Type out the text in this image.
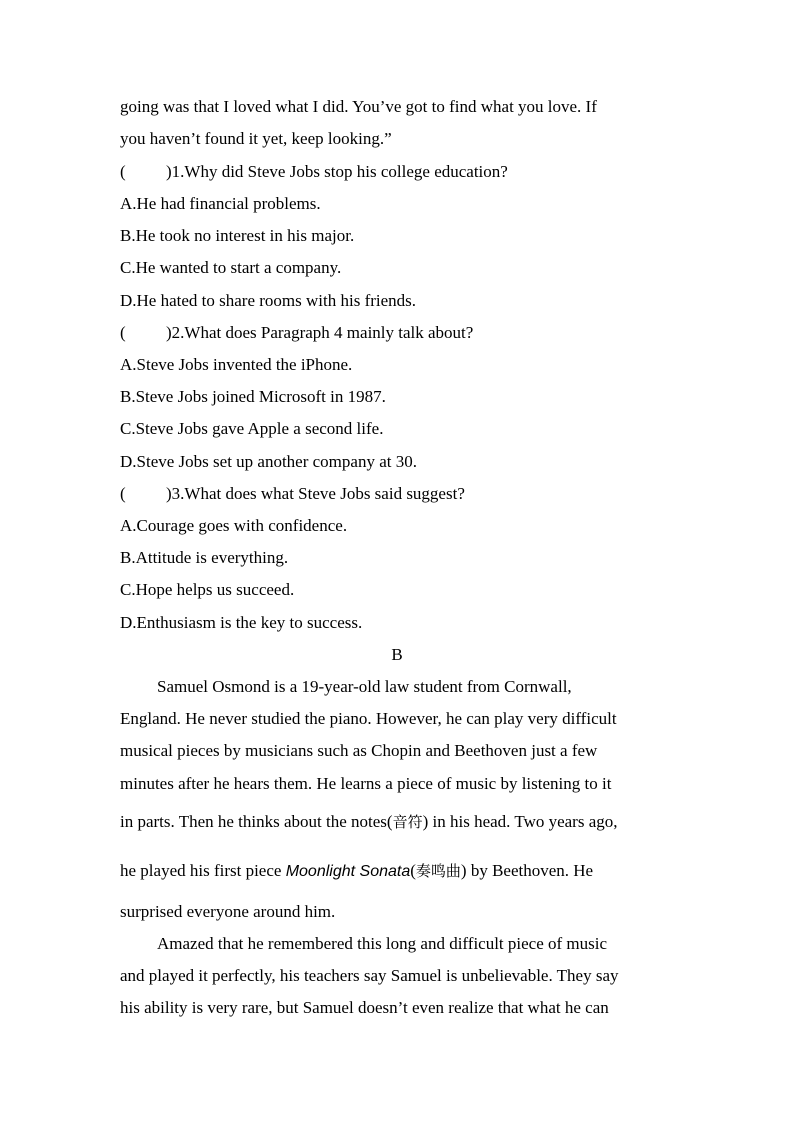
going was that I loved what I did. You’ve got to find what you love. If
you haven’t found it yet, keep looking.”
( )1.Why did Steve Jobs stop his college education?
A.He had financial problems.
B.He took no interest in his major.
C.He wanted to start a company.
D.He hated to share rooms with his friends.
( )2.What does Paragraph 4 mainly talk about?
A.Steve Jobs invented the iPhone.
B.Steve Jobs joined Microsoft in 1987.
C.Steve Jobs gave Apple a second life.
D.Steve Jobs set up another company at 30.
( )3.What does what Steve Jobs said suggest?
A.Courage goes with confidence.
B.Attitude is everything.
C.Hope helps us succeed.
D.Enthusiasm is the key to success.
B
Samuel Osmond is a 19-year-old law student from Cornwall,
England. He never studied the piano. However, he can play very difficult
musical pieces by musicians such as Chopin and Beethoven just a few
minutes after he hears them. He learns a piece of music by listening to it
in parts. Then he thinks about the notes(音符) in his head. Two years ago,
he played his first piece Moonlight Sonata(奏鸣曲) by Beethoven. He
surprised everyone around him.
Amazed that he remembered this long and difficult piece of music
and played it perfectly, his teachers say Samuel is unbelievable. They say
his ability is very rare, but Samuel doesn’t even realize that what he can
